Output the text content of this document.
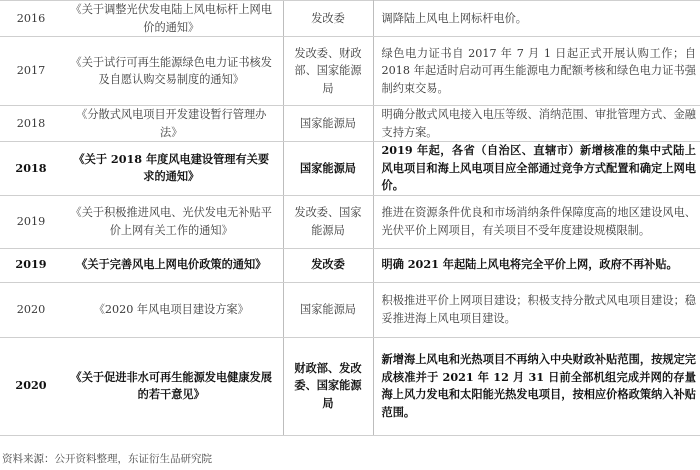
2016	《关于调整光伏发电陆上风电标杆上网电价的通知》	发改委	调降陆上风电上网标杆电价。
2017	《关于试行可再生能源绿色电力证书核发及自愿认购交易制度的通知》	发改委、财政部、国家能源局	绿色电力证书自 2017 年 7 月 1 日起正式开展认购工作；自 2018 年起适时启动可再生能源电力配额考核和绿色电力证书强制约束交易。
2018	《分散式风电项目开发建设暂行管理办法》	国家能源局	明确分散式风电接入电压等级、消纳范围、审批管理方式、金融支持方案。
2018	《关于 2018 年度风电建设管理有关要求的通知》	国家能源局	2019 年起，各省（自治区、直辖市）新增核准的集中式陆上风电项目和海上风电项目应全部通过竞争方式配置和确定上网电价。
2019	《关于积极推进风电、光伏发电无补贴平价上网有关工作的通知》	发改委、国家能源局	推进在资源条件优良和市场消纳条件保障度高的地区建设风电、光伏平价上网项目，有关项目不受年度建设规模限制。
2019	《关于完善风电上网电价政策的通知》	发改委	明确 2021 年起陆上风电将完全平价上网，政府不再补贴。
2020	《2020 年风电项目建设方案》	国家能源局	积极推进平价上网项目建设；积极支持分散式风电项目建设；稳妥推进海上风电项目建设。
2020	《关于促进非水可再生能源发电健康发展的若干意见》	财政部、发改委、国家能源局	新增海上风电和光热项目不再纳入中央财政补贴范围，按规定完成核准并于 2021 年 12 月 31 日前全部机组完成并网的存量海上风力发电和太阳能光热发电项目，按相应价格政策纳入补贴范围。
资料来源：公开资料整理，东证衍生品研究院
